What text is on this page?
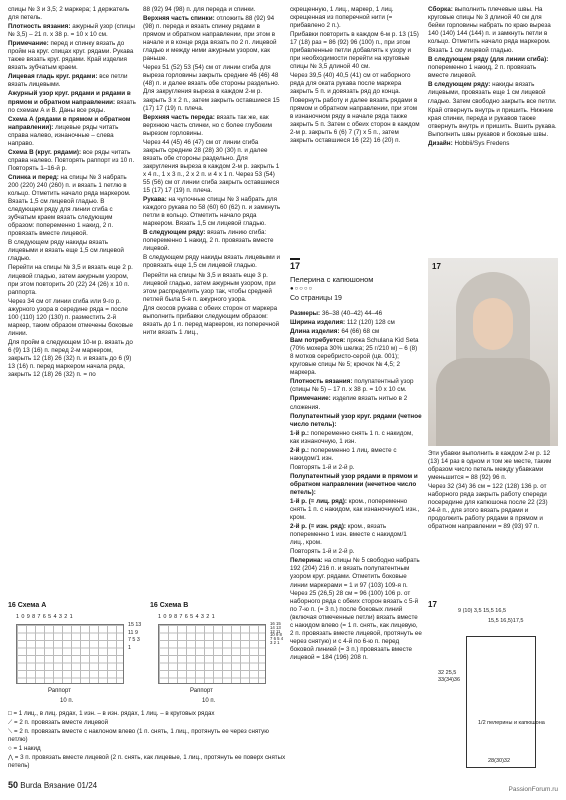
спицы № 3 и 3,5; 2 маркера; 1 держатель для петель.

Плотность вязания: ажурный узор (спицы № 3,5) – 21 п. х 38 р. = 10 х 10 см.

Примечание: перед и спинку вязать до пройм на круг. спицах круг. рядами. Рукава также вязать круг. рядами. Край изделия вязать зубчатым краем.

Лицевая гладь круг. рядами: все петли вязать лицевыми.

Ажурный узор круг. рядами и рядами в прямом и обратном направлении: вязать по схемам А и В. Даны все ряды.

Схема А (рядами в прямом и обратном направлении): лицевые ряды читать справа налево, изнаночные – слева направо.

Схема В (круг. рядами): все ряды читать справа налево. Повторять раппорт из 10 п. Повторять 1–16-й р.

Спинка и перед: на спицы № 3 набрать 200 (220) 240 (260) п. и вязать 1 петлю в кольцо. Отметить начало ряда маркером. Вязать 1,5 см лицевой гладью. В следующем ряду для линии сгиба с зубчатым краем вязать следующим образом: попеременно 1 накид, 2 п. провязать вместе лицевой.

В следующем ряду накиды вязать лицевыми и вязать еще 1,5 см лицевой гладью.

Перейти на спицы № 3,5 и вязать еще 2 р. лицевой гладью, затем ажурным узором, при этом повторить 20 (22) 24 (26) х 10 п. раппорта.

Через 34 см от линии сгиба или 9-го р. ажурного узора в середине ряда = после 100 (110) 120 (130) п. разместить 2-й маркер, таким образом отмечены боковые линии.

Для пройм в следующем 10-м р. вязать до 6 (9) 13 (16) п. перед 2-м маркером, закрыть 12 (18) 26 (32) п. и вязать до 6 (9) 13 (16) п. перед маркером начала ряда, закрыть 12 (18) 26 (32) п. = по

88 (92) 94 (98) п. для переда и спинки.

Верхняя часть спинки: отложить 88 (92) 94 (98) п. переда и вязать спинку рядами в прямом и обратном направлении, при этом в начале и в конце ряда вязать по 2 п. лицевой гладью и между ними ажурным узором, как раньше.

Через 51 (52) 53 (54) см от линии сгиба для выреза горловины закрыть средние 46 (46) 48 (48) п. и далее вязать обе стороны раздельно. Для закругления выреза в каждом 2-м р. закрыть 3 х 2 п., затем закрыть оставшиеся 15 (17) 17 (19) п. плеча.

Верхняя часть переда: вязать так же, как верхнюю часть спинки, но с более глубоким вырезом горловины.

Через 44 (45) 46 (47) см от линии сгиба закрыть средние 28 (28) 30 (30) п. и далее вязать обе стороны раздельно. Для закругления выреза в каждом 2-м р. закрыть 1 х 4 п., 1 х 3 п., 2 х 2 п. и 4 х 1 п. Через 53 (54) 55 (56) см от линии сгиба закрыть оставшиеся 15 (17) 17 (19) п. плеча.

Рукава: на чулочные спицы № 3 набрать для каждого рукава по 58 (60) 60 (62) п. и замкнуть петли в кольцо. Отметить начало ряда маркером. Вязать 1,5 см лицевой гладью.

В следующем ряду: вязать линию сгиба: попеременно 1 накид, 2 п. провязать вместе лицевой.

В следующем ряду накиды вязать лицевыми и провязать еще 1,5 см лицевой гладью.

Перейти на спицы № 3,5 и вязать еще 3 р. лицевой гладью, затем ажурным узором, при этом распределить узор так, чтобы средней петлей была 5-я п. ажурного узора.

Для скосов рукава с обеих сторон от маркера выполнить прибавки следующим образом: вязать до 1 п. перед маркером, из поперечной нити вязать 1 лиц.,

скрещенную, 1 лиц., маркер, 1 лиц. скрещенная из поперечной нити (= прибавлено 2 п.).

Прибавки повторить в каждом 6-м р. 13 (15) 17 (18) раз = 86 (92) 96 (100) п., при этом прибавленные петли добавлять к узору и при необходимости перейти на круговые спицы № 3,5 длиной 40 см.

Через 39,5 (40) 40,5 (41) см от наборного ряда для оката рукава после маркера закрыть 5 п. и довязать ряд до конца. Повернуть работу и далее вязать рядами в прямом и обратном направлении, при этом в изнаночном ряду в начале ряда также закрыть 5 п. Затем с обеих сторон в каждом 2-м р. закрыть 6 (6) 7 (7) х 5 п., затем закрыть оставшиеся 16 (22) 16 (20) п.

Сборка: выполнить плечевые швы. На круговые спицы № 3 длиной 40 см для бейки горловины набрать по краю выреза 140 (140) 144 (144) п. и замкнуть петли в кольцо. Отметить начало ряда маркером.

Вязать 1 см лицевой гладью.

В следующем ряду (для линии сгиба): попеременно 1 накид, 2 п. провязать вместе лицевой.

В следующем ряду: накиды вязать лицевыми, провязать еще 1 см лицевой гладью. Затем свободно закрыть все петли.

Край отвернуть внутрь и пришить. Нижние края спинки, переда и рукавов также отвернуть внутрь и пришить. Вшить рукава. Выполнить швы рукавов и боковые швы.

Дизайн: Hobbii/Sys Fredens

17
Пелерина с капюшоном
●○○○○
Со страницы 19

Размеры: 36–38 (40–42) 44–46

Ширина изделия: 112 (120) 128 см

Длина изделия: 64 (66) 68 см

Вам потребуется: пряжа Schulana Kid Seta (70% мохера 30% шелка; 25 г/210 м) – 6 (8) 8 мотков серебристо-серой (цв. 001); круговые спицы № 5; крючок № 4,5; 2 маркера.

Плотность вязания: полупатентный узор (спицы № 5) – 17 п. х 38 р. = 10 х 10 см.

Примечание: изделие вязать нитью в 2 сложения.

Полупатентный узор круг. рядами (четное число петель):

1-й р.: попеременно снять 1 п. с накидом, как изнаночную, 1 изн.

2-й р.: попеременно 1 лиц. вместе с накидом/1 изн.

Повторять 1-й и 2-й р.

Полупатентный узор рядами в прямом и обратном направлении (нечетное число петель):

1-й р. (= лиц. ряд): кром., попеременно снять 1 п. с накидом, как изнаночную/1 изн., кром.

2-й р. (= изн. ряд): кром., вязать попеременно 1 изн. вместе с накидом/1 лиц., кром.

Повторять 1-й и 2-й р.

Пелерина: на спицы № 5 свободно набрать 192 (204) 216 п. и вязать полупатентным узором круг. рядами. Отметить боковые линии маркерами = 1 и 97 (103) 109-я п. Через 25 (26,5) 28 см = 96 (100) 106 р. от наборного ряда с обеих сторон вязать с 5-й по 7-ю п. (= 3 п.) после боковых линий (включая отмеченные петли) вязать вместе с накидом влево (= 1 п. снять, как лицевую, 2 п. провязать вместе лицевой, протянуть ее через снятую) и с 4-й по 6-ю п. перед боковой линией (= 3 п.) провязать вместе лицевой = 184 (196) 208 п.

17

Эти убавки выполнить в каждом 2-м р. 12 (13) 14 раз в одном и том же месте, таким образом число петель между убавками уменьшится = 88 (92) 96 п.

Через 32 (34) 36 см = 122 (128) 136 р. от наборного ряда закрыть работу спереди посередине для капюшона после 22 (23) 24-й п., для этого вязать рядами и продолжить работу рядами в прямом и обратном направлении = 89 (93) 97 п.

16 Схема А
10987654321
15 13 11 9 7 5 3 1
Раппорт
10 п.
16 Схема В
10987654321
16 15 14 13 12 11 10 9 8 7 6 5 4 3 2 1
Раппорт
10 п.

□ = 1 лиц., в лиц. рядах, 1 изн. – в изн. рядах, 1 лиц. – в круговых рядах

⟋ = 2 п. провязать вместе лицевой

⟍ = 2 п. провязать вместе с наклоном влево (1 п. снять, 1 лиц., протянуть ее через снятую петлю)

○ = 1 накид

⋀ = 3 п. провязать вместе лицевой (2 п. снять, как лицевые, 1 лиц., протянуть ее поверх снятых петель)

17
9 (10) 3,5 15,5 16,5
15,5 16,5)17,5
32 25,5 33(34)36
1/2 пелерины и капюшона
28(30)32
50 Burda Вязание 01/24	PassionForum.ru
